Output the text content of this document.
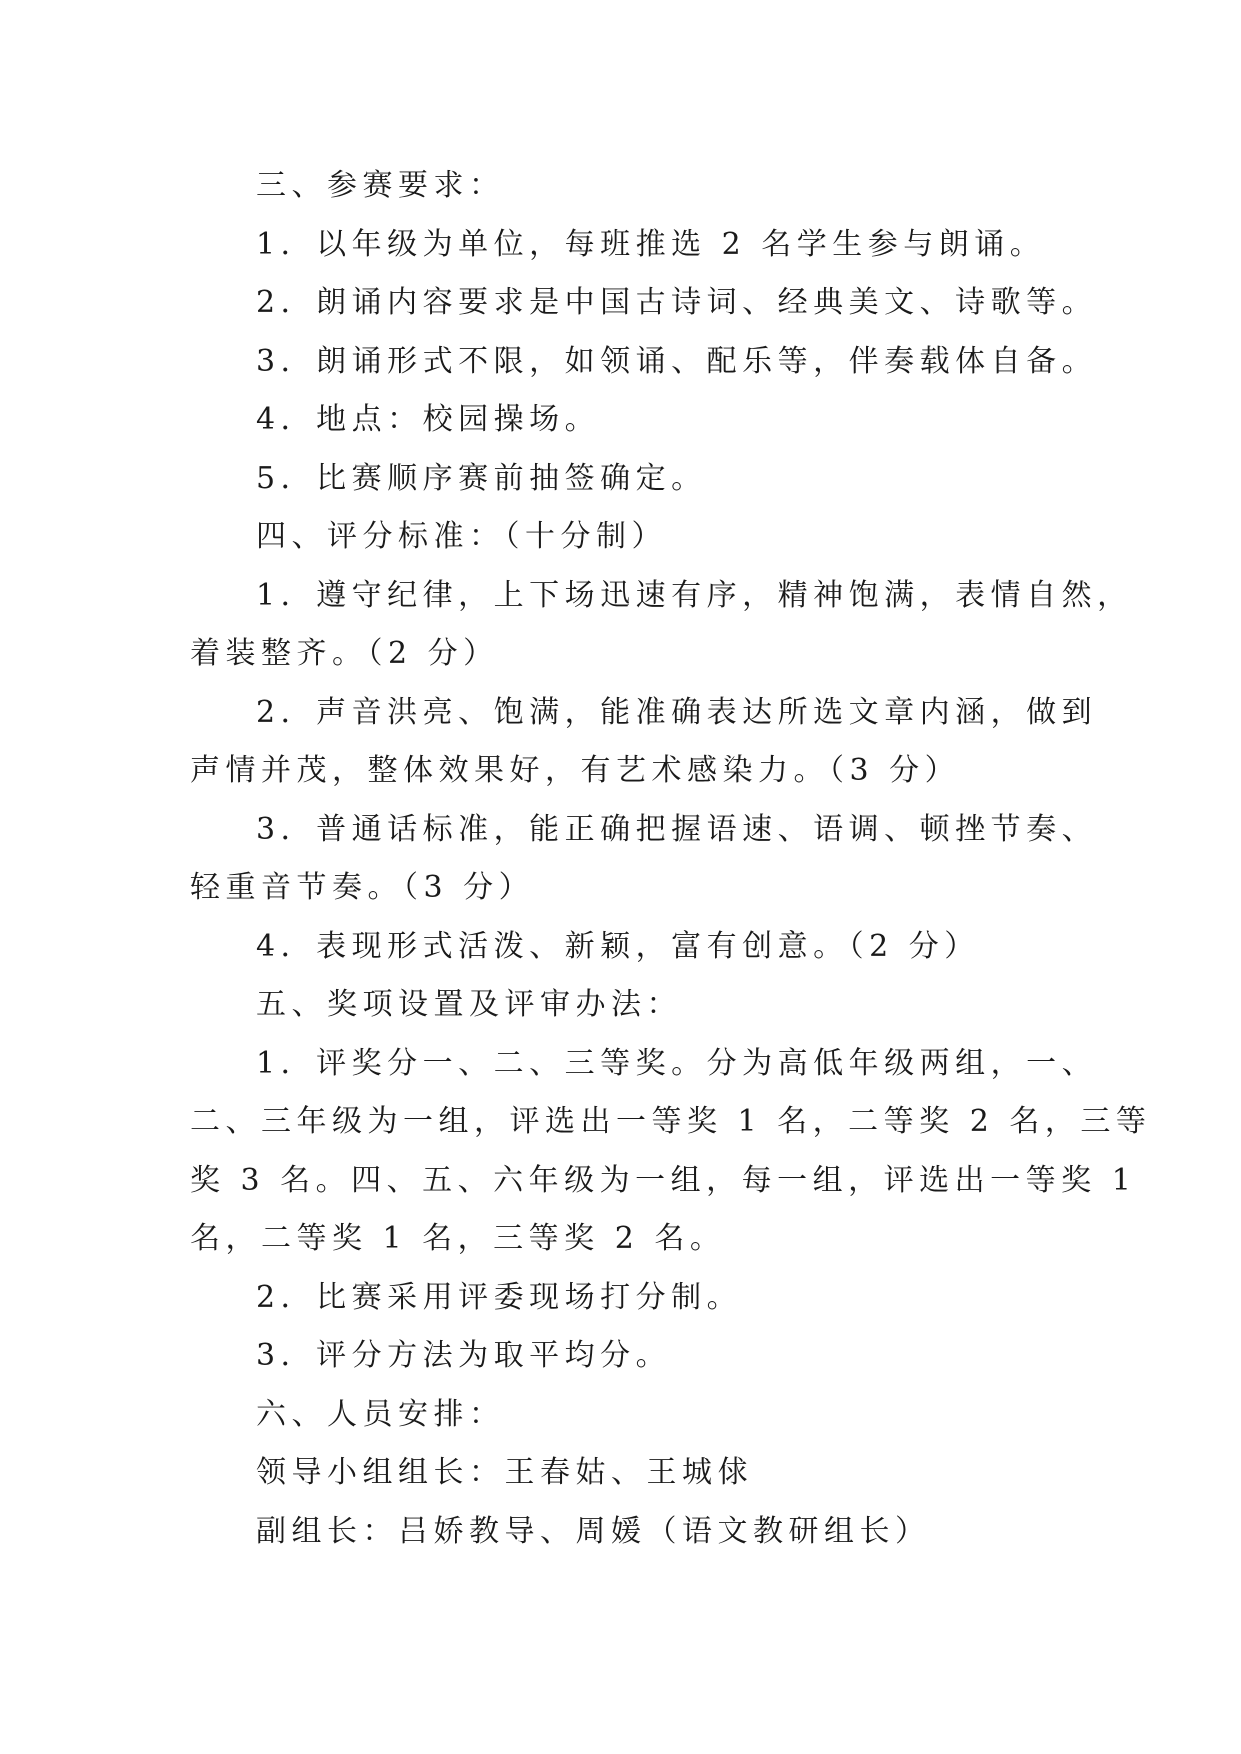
三、参赛要求：
1．以年级为单位，每班推选 2 名学生参与朗诵。
2．朗诵内容要求是中国古诗词、经典美文、诗歌等。
3．朗诵形式不限，如领诵、配乐等，伴奏载体自备。
4．地点：校园操场。
5．比赛顺序赛前抽签确定。
四、评分标准：（十分制）
1．遵守纪律，上下场迅速有序，精神饱满，表情自然，
着装整齐。（2 分）
2．声音洪亮、饱满，能准确表达所选文章内涵，做到
声情并茂，整体效果好，有艺术感染力。（3 分）
3．普通话标准，能正确把握语速、语调、顿挫节奏、
轻重音节奏。（3 分）
4．表现形式活泼、新颖，富有创意。（2 分）
五、奖项设置及评审办法：
1．评奖分一、二、三等奖。分为高低年级两组，一、
二、三年级为一组，评选出一等奖 1 名，二等奖 2 名，三等
奖 3 名。四、五、六年级为一组，每一组，评选出一等奖 1
名，二等奖 1 名，三等奖 2 名。
2．比赛采用评委现场打分制。
3．评分方法为取平均分。
六、人员安排：
领导小组组长：王春姑、王城俅
副组长：吕娇教导、周媛（语文教研组长）
